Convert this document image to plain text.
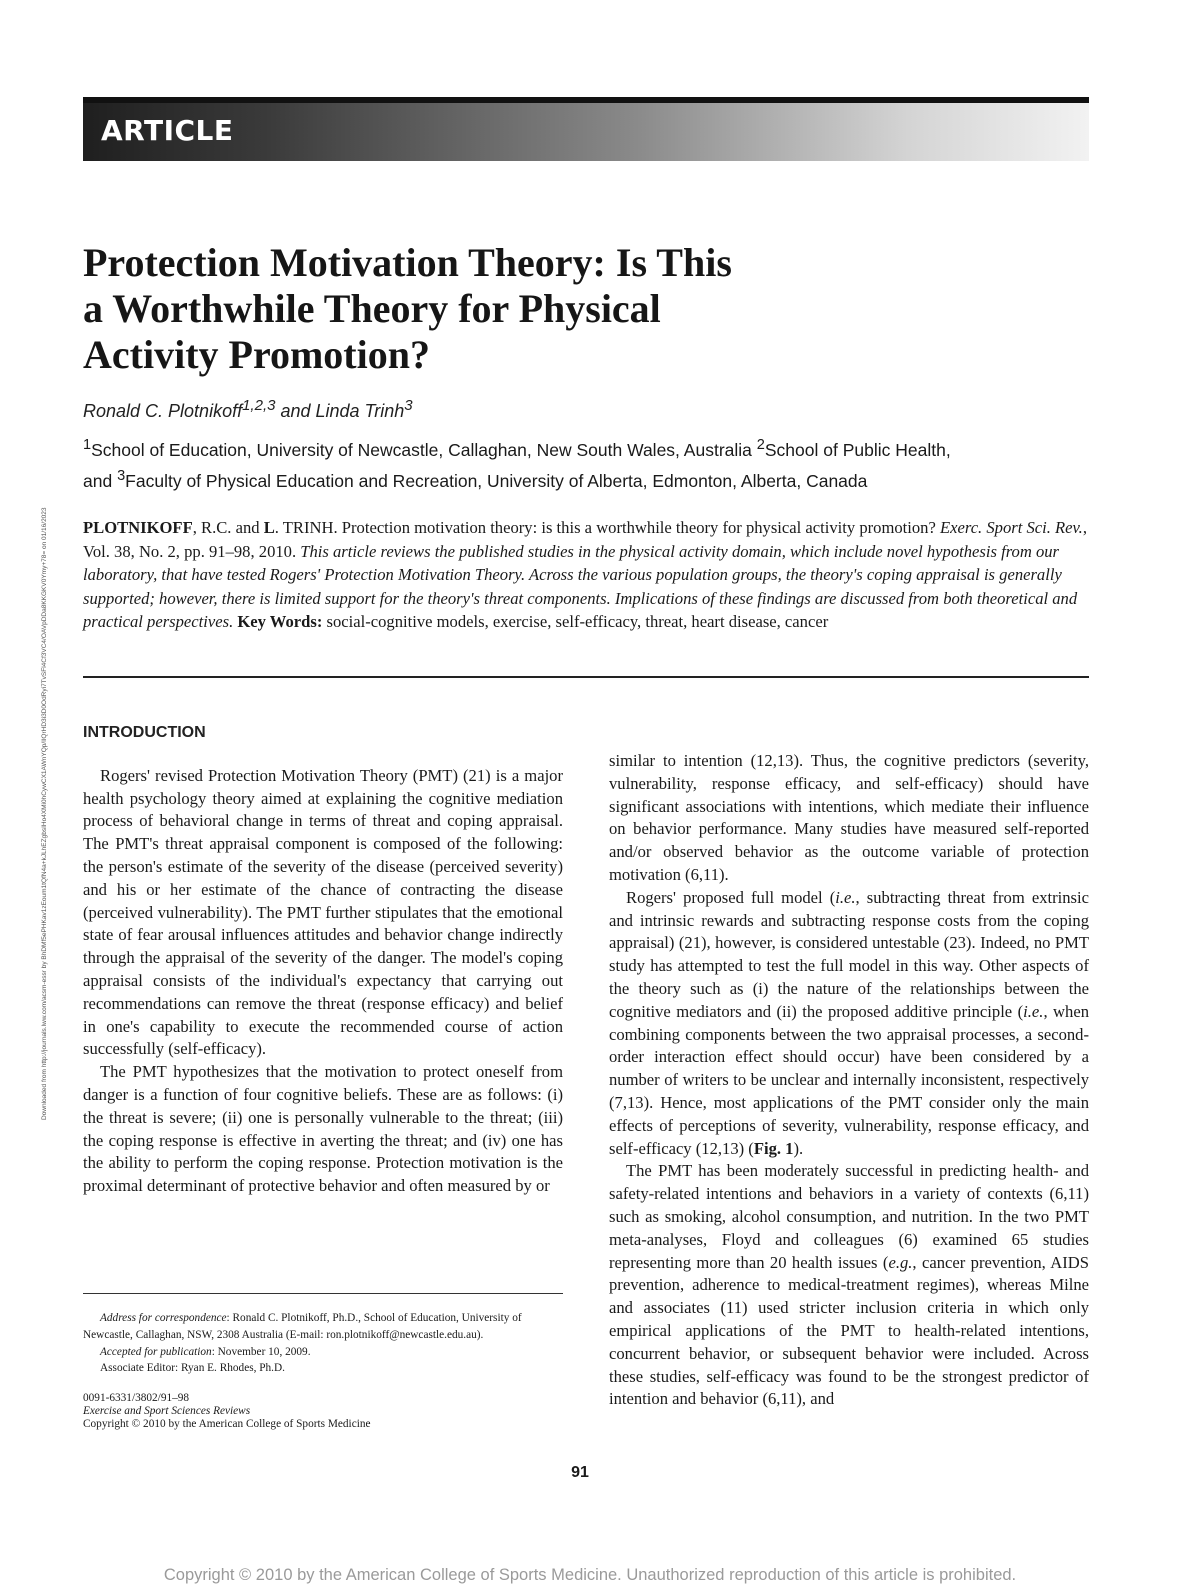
ARTICLE
Downloaded from http://journals.lww.com/acsm-essr by BhDMf5ePHKav1zEoum1tQfN4a+kJLhEZgbsIHo4XMi0hCywCX1AWnYQp/IlQrHD3i3D0OdRyi7TvSFl4Cf3VC4/OAVpDDa8KKGKV0Ymy+78= on 01/16/2023
Protection Motivation Theory: Is This
a Worthwhile Theory for Physical
Activity Promotion?
Ronald C. Plotnikoff$^{1,2,3}$ and Linda Trinh$^3$
$^1$School of Education, University of Newcastle, Callaghan, New South Wales, Australia $^2$School of Public Health,
and $^3$Faculty of Physical Education and Recreation, University of Alberta, Edmonton, Alberta, Canada
PLOTNIKOFF, R.C. and L. TRINH. Protection motivation theory: is this a worthwhile theory for physical activity promotion? Exerc. Sport Sci. Rev., Vol. 38, No. 2, pp. 91–98, 2010. This article reviews the published studies in the physical activity domain, which include novel hypothesis from our laboratory, that have tested Rogers' Protection Motivation Theory. Across the various population groups, the theory's coping appraisal is generally supported; however, there is limited support for the theory's threat components. Implications of these findings are discussed from both theoretical and practical perspectives. Key Words: social-cognitive models, exercise, self-efficacy, threat, heart disease, cancer
INTRODUCTION

Rogers' revised Protection Motivation Theory (PMT) (21) is a major health psychology theory aimed at explaining the cognitive mediation process of behavioral change in terms of threat and coping appraisal. The PMT's threat appraisal component is composed of the following: the person's estimate of the severity of the disease (perceived severity) and his or her estimate of the chance of contracting the disease (perceived vulnerability). The PMT further stipulates that the emotional state of fear arousal influences attitudes and behavior change indirectly through the appraisal of the severity of the danger. The model's coping appraisal consists of the individual's expectancy that carrying out recommendations can remove the threat (response efficacy) and belief in one's capability to execute the recommended course of action successfully (self-efficacy).

The PMT hypothesizes that the motivation to protect oneself from danger is a function of four cognitive beliefs. These are as follows: (i) the threat is severe; (ii) one is personally vulnerable to the threat; (iii) the coping response is effective in averting the threat; and (iv) one has the ability to perform the coping response. Protection motivation is the proximal determinant of protective behavior and often measured by or

similar to intention (12,13). Thus, the cognitive predictors (severity, vulnerability, response efficacy, and self-efficacy) should have significant associations with intentions, which mediate their influence on behavior performance. Many studies have measured self-reported and/or observed behavior as the outcome variable of protection motivation (6,11).

Rogers' proposed full model (i.e., subtracting threat from extrinsic and intrinsic rewards and subtracting response costs from the coping appraisal) (21), however, is considered untestable (23). Indeed, no PMT study has attempted to test the full model in this way. Other aspects of the theory such as (i) the nature of the relationships between the cognitive mediators and (ii) the proposed additive principle (i.e., when combining components between the two appraisal processes, a second-order interaction effect should occur) have been considered by a number of writers to be unclear and internally inconsistent, respectively (7,13). Hence, most applications of the PMT consider only the main effects of perceptions of severity, vulnerability, response efficacy, and self-efficacy (12,13) (Fig. 1).

The PMT has been moderately successful in predicting health- and safety-related intentions and behaviors in a variety of contexts (6,11) such as smoking, alcohol consumption, and nutrition. In the two PMT meta-analyses, Floyd and colleagues (6) examined 65 studies representing more than 20 health issues (e.g., cancer prevention, AIDS prevention, adherence to medical-treatment regimes), whereas Milne and associates (11) used stricter inclusion criteria in which only empirical applications of the PMT to health-related intentions, concurrent behavior, or subsequent behavior were included. Across these studies, self-efficacy was found to be the strongest predictor of intention and behavior (6,11), and

Address for correspondence: Ronald C. Plotnikoff, Ph.D., School of Education, University of Newcastle, Callaghan, NSW, 2308 Australia (E-mail: ron.plotnikoff@newcastle.edu.au).

Accepted for publication: November 10, 2009.

Associate Editor: Ryan E. Rhodes, Ph.D.

0091-6331/3802/91–98
Exercise and Sport Sciences Reviews
Copyright © 2010 by the American College of Sports Medicine
91
Copyright © 2010 by the American College of Sports Medicine. Unauthorized reproduction of this article is prohibited.
